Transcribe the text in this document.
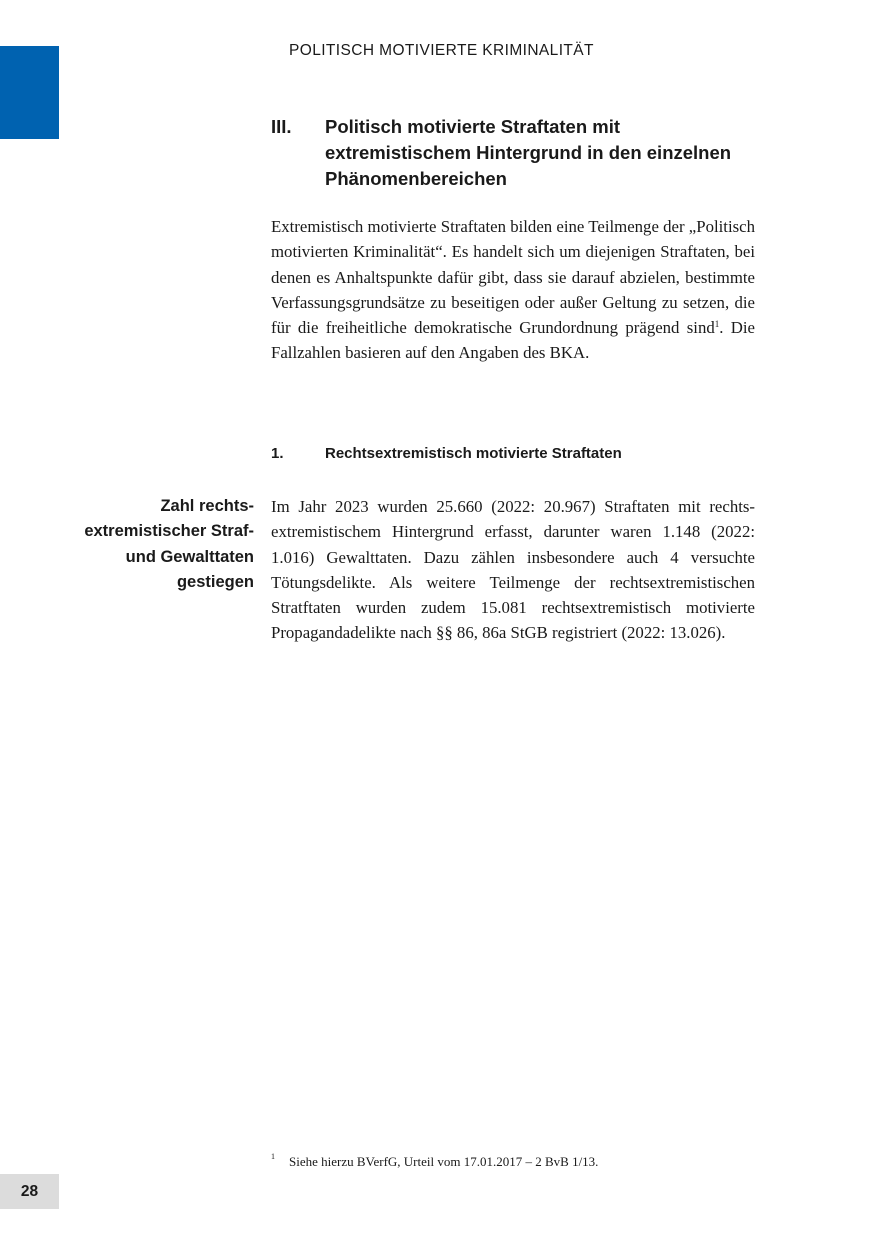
POLITISCH MOTIVIERTE KRIMINALITÄT
III. Politisch motivierte Straftaten mit
extremistischem Hintergrund in den einzelnen
Phänomenbereichen

Extremistisch motivierte Straftaten bilden eine Teilmenge der „Politisch motivierten Kriminalität“. Es handelt sich um diejenigen Straftaten, bei denen es Anhaltspunkte dafür gibt, dass sie darauf abzielen, bestimmte Verfassungsgrundsätze zu beseitigen oder außer Geltung zu setzen, die für die freiheitliche demokratische Grundordnung prägend sind$^1$. Die Fallzahlen basieren auf den Angaben des BKA.

1.	Rechtsextremistisch motivierte Straftaten
Zahl rechts-
extremistischer Straf-
und Gewalttaten
gestiegen

Im Jahr 2023 wurden 25.660 (2022: 20.967) Straftaten mit rechtsextremistischem Hintergrund erfasst, darunter waren 1.148 (2022: 1.016) Gewalttaten. Dazu zählen insbesondere auch 4 versuchte Tötungsdelikte. Als weitere Teilmenge der rechtsextremistischen Stratftaten wurden zudem 15.081 rechtsextremistisch motivierte Propagandadelikte nach §§ 86, 86a StGB registriert (2022: 13.026).

1 Siehe hierzu BVerfG, Urteil vom 17.01.2017 – 2 BvB 1/13.
28
